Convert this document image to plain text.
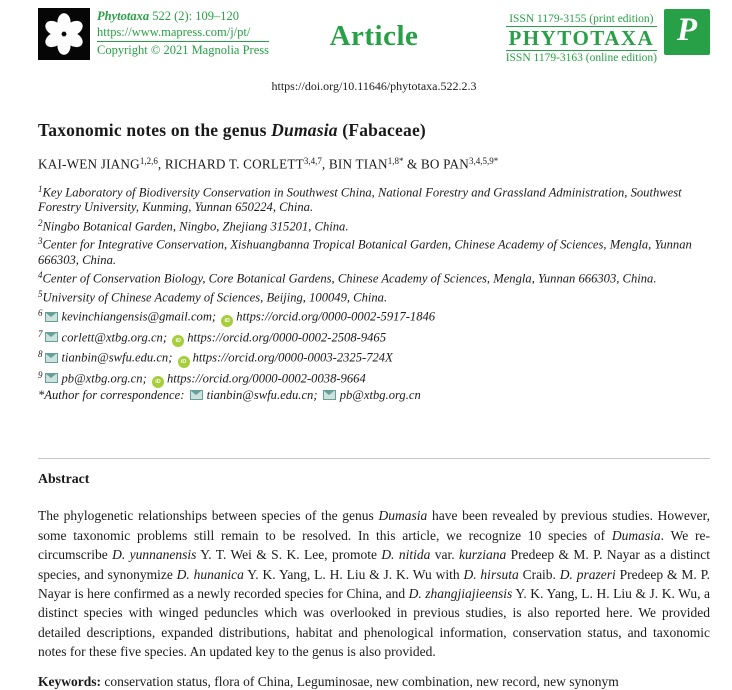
Phytotaxa 522 (2): 109–120
https://www.mapress.com/j/pt/
Copyright © 2021 Magnolia Press	Article
ISSN 1179-3155 (print edition)
PHYTOTAXA
ISSN 1179-3163 (online edition)
P
https://doi.org/10.11646/phytotaxa.522.2.3
Taxonomic notes on the genus Dumasia (Fabaceae)
KAI-WEN JIANG$^{1,2,6}$, RICHARD T. CORLETT$^{3,4,7}$, BIN $TIAN^{1,8*}$ & BO $PAN^{3,4,5,9*}$
$^1$Key Laboratory of Biodiversity Conservation in Southwest China, National Forestry and Grassland Administration, Southwest Forestry University, Kunming, Yunnan 650224, China.
$^2$Ningbo Botanical Garden, Ningbo, Zhejiang 315201, China.
$^3$Center for Integrative Conservation, Xishuangbanna Tropical Botanical Garden, Chinese Academy of Sciences, Mengla, Yunnan 666303, China.
$^4$Center of Conservation Biology, Core Botanical Gardens, Chinese Academy of Sciences, Mengla, Yunnan 666303, China.
$^5$University of Chinese Academy of Sciences, Beijing, 100049, China.
$^6$ kevinchiangensis@gmail.com; iD https://orcid.org/0000-0002-5917-1846
$^7$ corlett@xtbg.org.cn; iD https://orcid.org/0000-0002-2508-9465
$^8$ tianbin@swfu.edu.cn; iD https://orcid.org/0000-0003-2325-724X
$^9$ pb@xtbg.org.cn; iD https://orcid.org/0000-0002-0038-9664
*Author for correspondence: tianbin@swfu.edu.cn; pb@xtbg.org.cn
Abstract

The phylogenetic relationships between species of the genus Dumasia have been revealed by previous studies. However, some taxonomic problems still remain to be resolved. In this article, we recognize 10 species of Dumasia. We re-circumscribe D. yunnanensis Y. T. Wei & S. K. Lee, promote D. nitida var. kurziana Predeep & M. P. Nayar as a distinct species, and synonymize D. hunanica Y. K. Yang, L. H. Liu & J. K. Wu with D. hirsuta Craib. D. prazeri Predeep & M. P. Nayar is here confirmed as a newly recorded species for China, and D. zhangjiajieensis Y. K. Yang, L. H. Liu & J. K. Wu, a distinct species with winged peduncles which was overlooked in previous studies, is also reported here. We provided detailed descriptions, expanded distributions, habitat and phenological information, conservation status, and taxonomic notes for these five species. An updated key to the genus is also provided.

Keywords: conservation status, flora of China, Leguminosae, new combination, new record, new synonym
